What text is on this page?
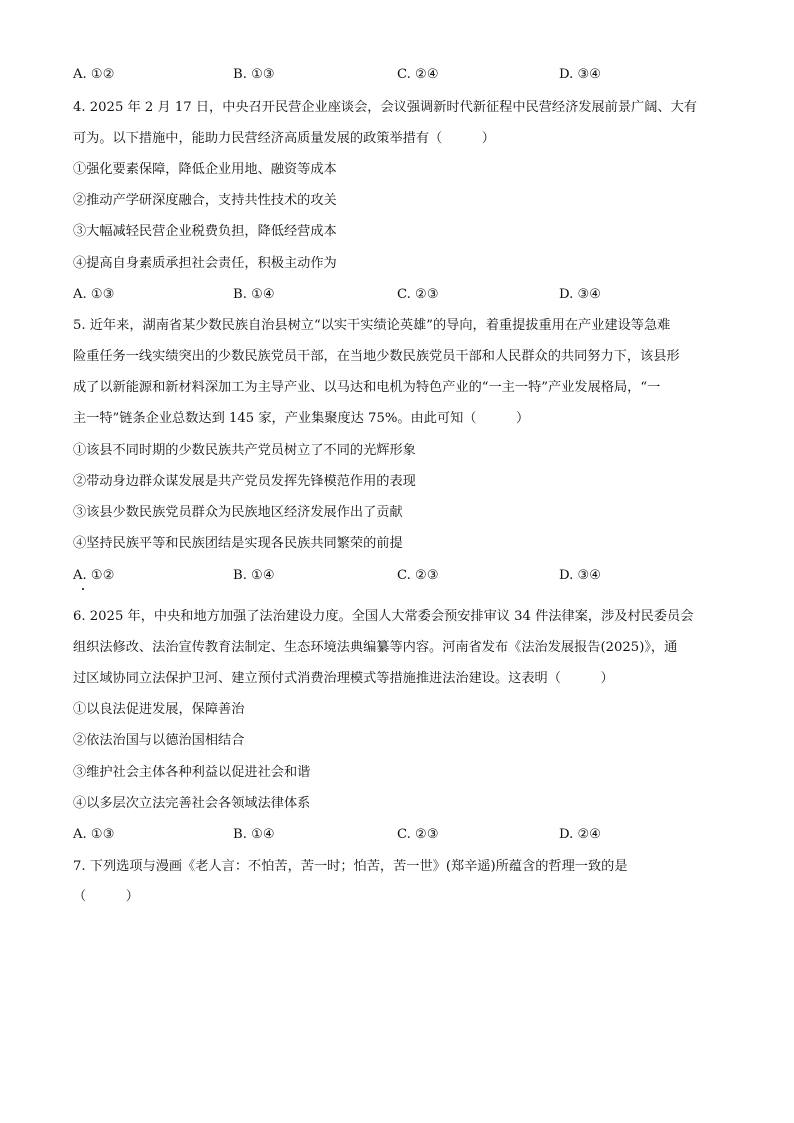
A. ①②	B. ①③	C. ②④	D. ③④
4. 2025 年 2 月 17 日，中央召开民营企业座谈会，会议强调新时代新征程中民营经济发展前景广阔、大有
可为。以下措施中，能助力民营经济高质量发展的政策举措有（　　　）
①强化要素保障，降低企业用地、融资等成本
②推动产学研深度融合，支持共性技术的攻关
③大幅减轻民营企业税费负担，降低经营成本
④提高自身素质承担社会责任，积极主动作为
A. ①③	B. ①④	C. ②③	D. ③④
5. 近年来，湖南省某少数民族自治县树立“以实干实绩论英雄”的导向，着重提拔重用在产业建设等急难
险重任务一线实绩突出的少数民族党员干部，在当地少数民族党员干部和人民群众的共同努力下，该县形
成了以新能源和新材料深加工为主导产业、以马达和电机为特色产业的“一主一特”产业发展格局，“一
主一特”链条企业总数达到 145 家，产业集聚度达 75%。由此可知（　　　）
①该县不同时期的少数民族共产党员树立了不同的光辉形象
②带动身边群众谋发展是共产党员发挥先锋模范作用的表现
③该县少数民族党员群众为民族地区经济发展作出了贡献
④坚持民族平等和民族团结是实现各民族共同繁荣的前提
A. ①②	B. ①④	C. ②③	D. ③④
6. 2025 年，中央和地方加强了法治建设力度。全国人大常委会预安排审议 34 件法律案，涉及村民委员会
组织法修改、法治宣传教育法制定、生态环境法典编纂等内容。河南省发布《法治发展报告(2025)》，通
过区域协同立法保护卫河、建立预付式消费治理模式等措施推进法治建设。这表明（　　　）
①以良法促进发展，保障善治
②依法治国与以德治国相结合
③维护社会主体各种利益以促进社会和谐
④以多层次立法完善社会各领域法律体系
A. ①③	B. ①④	C. ②③	D. ②④
7. 下列选项与漫画《老人言：不怕苦，苦一时；怕苦，苦一世》(郑辛遥)所蕴含的哲理一致的是
（　　　）
